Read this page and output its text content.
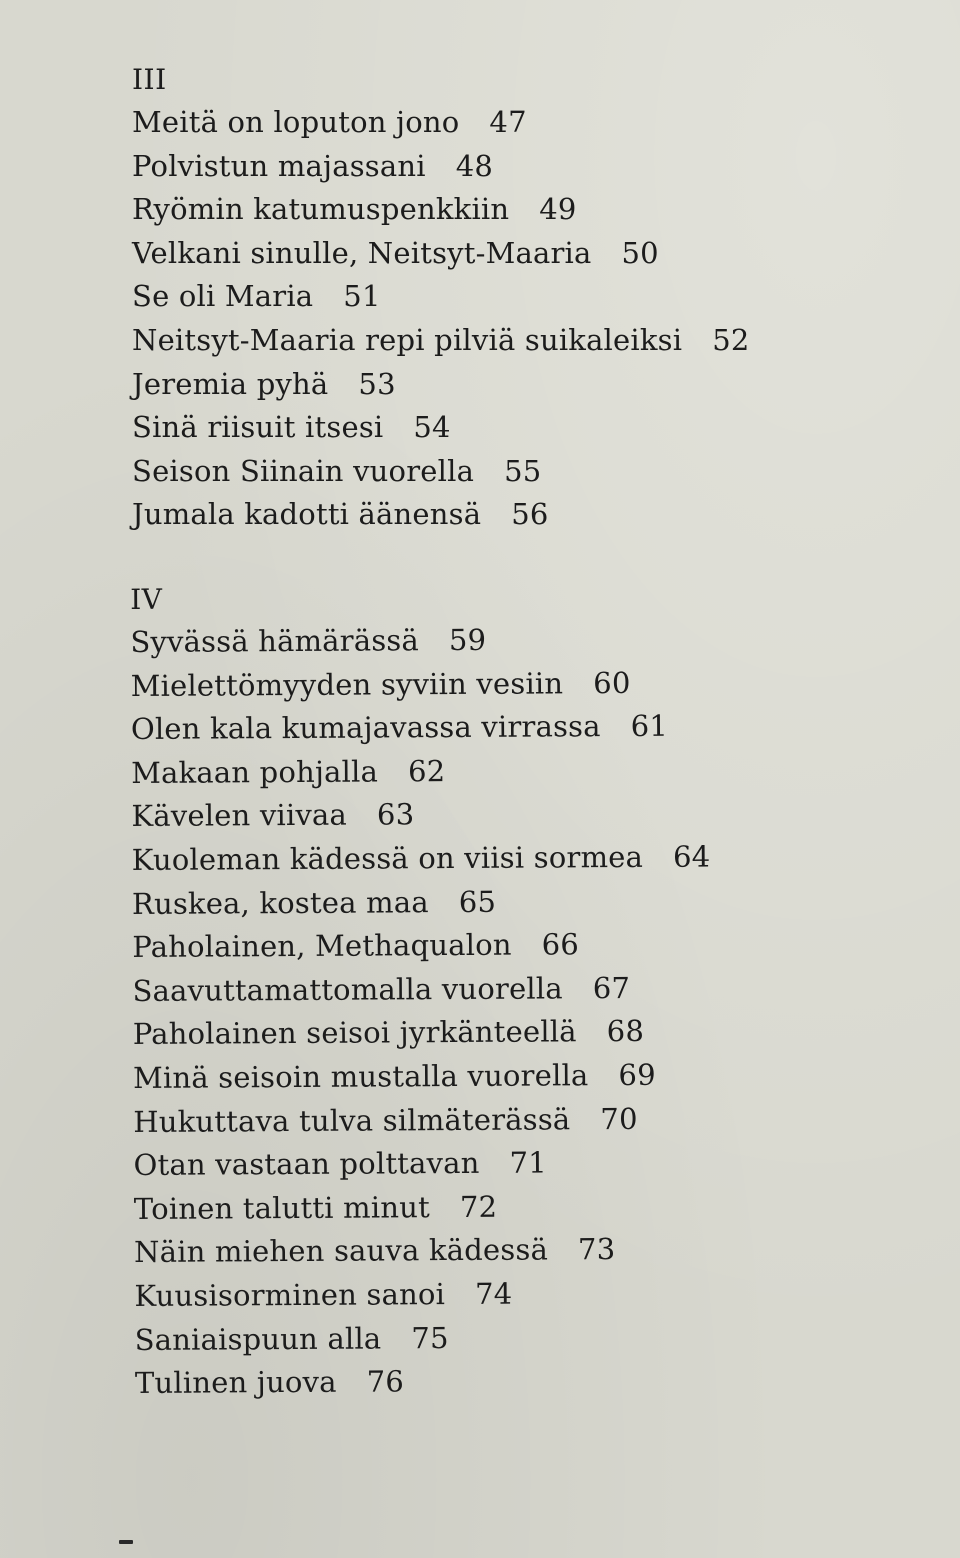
III
Meitä on loputon jono 47
Polvistun majassani 48
Ryömin katumuspenkkiin 49
Velkani sinulle, Neitsyt-Maaria 50
Se oli Maria 51
Neitsyt-Maaria repi pilviä suikaleiksi 52
Jeremia pyhä 53
Sinä riisuit itsesi 54
Seison Siinain vuorella 55
Jumala kadotti äänensä 56
IV
Syvässä hämärässä 59
Mielettömyyden syviin vesiin 60
Olen kala kumajavassa virrassa 61
Makaan pohjalla 62
Kävelen viivaa 63
Kuoleman kädessä on viisi sormea 64
Ruskea, kostea maa 65
Paholainen, Methaqualon 66
Saavuttamattomalla vuorella 67
Paholainen seisoi jyrkänteellä 68
Minä seisoin mustalla vuorella 69
Hukuttava tulva silmäterässä 70
Otan vastaan polttavan 71
Toinen talutti minut 72
Näin miehen sauva kädessä 73
Kuusisorminen sanoi 74
Saniaispuun alla 75
Tulinen juova 76
